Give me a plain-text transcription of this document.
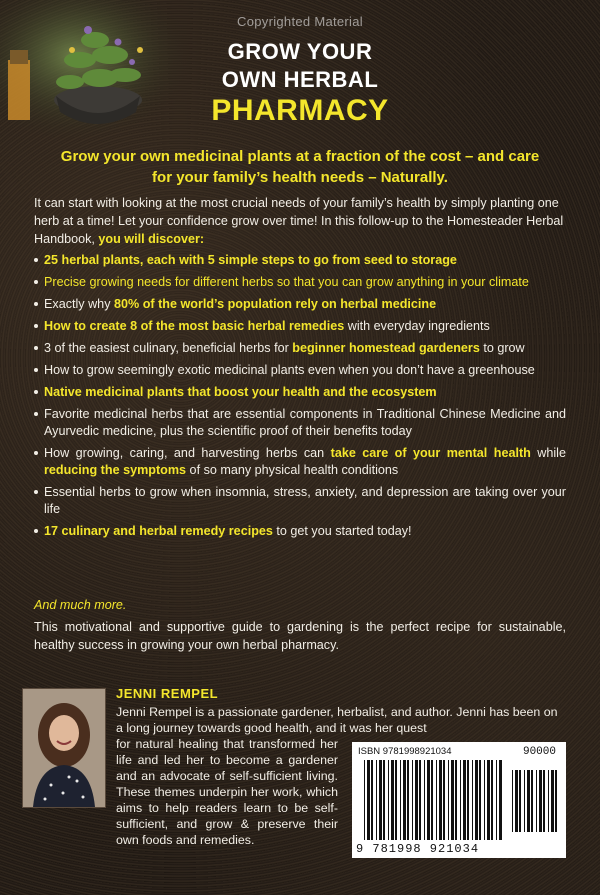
Copyrighted Material
GROW YOUR
OWN HERBAL
PHARMACY
Grow your own medicinal plants at a fraction of the cost – and care for your family’s health needs – Naturally.
It can start with looking at the most crucial needs of your family’s health by simply planting one herb at a time! Let your confidence grow over time! In this follow-up to the Homesteader Herbal Handbook, you will discover:
25 herbal plants, each with 5 simple steps to go from seed to storage
Precise growing needs for different herbs so that you can grow anything in your climate
Exactly why 80% of the world’s population rely on herbal medicine
How to create 8 of the most basic herbal remedies with everyday ingredients
3 of the easiest culinary, beneficial herbs for beginner homestead gardeners to grow
How to grow seemingly exotic medicinal plants even when you don’t have a greenhouse
Native medicinal plants that boost your health and the ecosystem
Favorite medicinal herbs that are essential components in Traditional Chinese Medicine and Ayurvedic medicine, plus the scientific proof of their benefits today
How growing, caring, and harvesting herbs can take care of your mental health while reducing the symptoms of so many physical health conditions
Essential herbs to grow when insomnia, stress, anxiety, and depression are taking over your life
17 culinary and herbal remedy recipes to get you started today!
And much more.
This motivational and supportive guide to gardening is the perfect recipe for sustainable, healthy success in growing your own herbal pharmacy.
JENNI REMPEL
Jenni Rempel is a passionate gardener, herbalist, and author. Jenni has been on a long journey towards good health, and it was her quest
for natural healing that transformed her life and led her to become a gardener and an advocate of self-sufficient living. These themes underpin her work, which aims to help readers learn to be self-sufficient, and grow & preserve their own foods and remedies.
ISBN 9781998921034	90000
9 781998 921034
